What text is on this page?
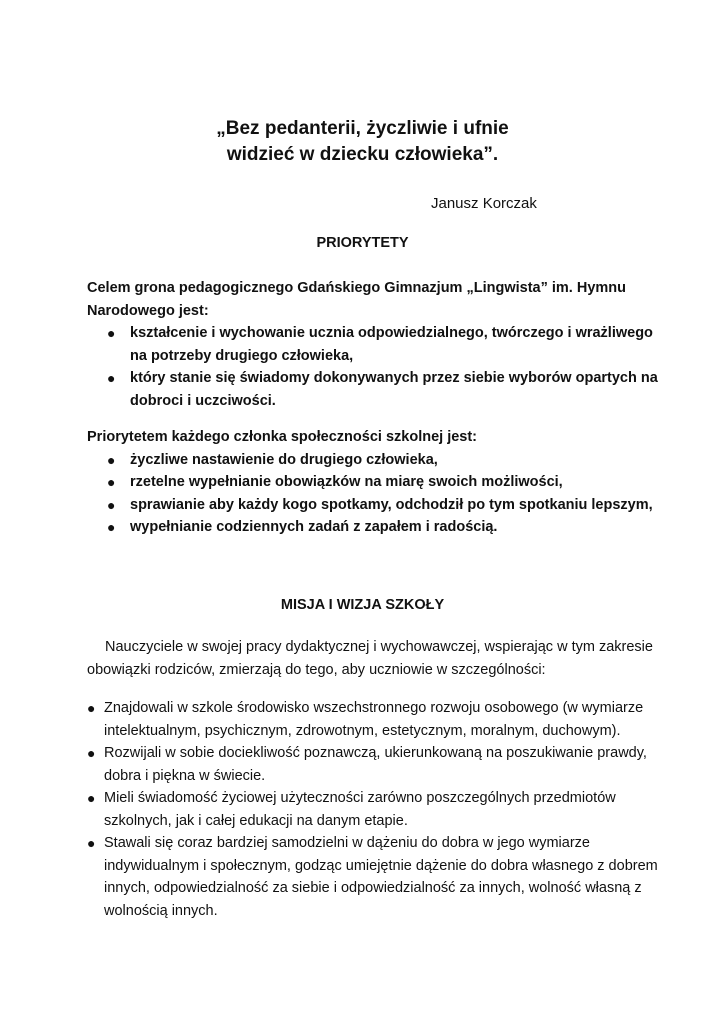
„Bez pedanterii, życzliwie i ufnie
widzieć w dziecku człowieka”.
Janusz Korczak
PRIORYTETY

Celem grona pedagogicznego Gdańskiego Gimnazjum „Lingwista” im. Hymnu Narodowego jest:

● kształcenie i wychowanie ucznia odpowiedzialnego, twórczego i wrażliwego na potrzeby drugiego człowieka,
● który stanie się świadomy dokonywanych przez siebie wyborów opartych na dobroci i uczciwości.

Priorytetem każdego członka społeczności szkolnej jest:

● życzliwe nastawienie do drugiego człowieka,
● rzetelne wypełnianie obowiązków na miarę swoich możliwości,
● sprawianie aby każdy kogo spotkamy, odchodził po tym spotkaniu lepszym,
● wypełnianie codziennych zadań z zapałem i radością.
MISJA I WIZJA SZKOŁY
Nauczyciele w swojej pracy dydaktycznej i wychowawczej, wspierając w tym zakresie obowiązki rodziców, zmierzają do tego, aby uczniowie w szczególności:
● Znajdowali w szkole środowisko wszechstronnego rozwoju osobowego (w wymiarze intelektualnym, psychicznym, zdrowotnym, estetycznym, moralnym, duchowym).
● Rozwijali w sobie dociekliwość poznawczą, ukierunkowaną na poszukiwanie prawdy, dobra i piękna w świecie.
● Mieli świadomość życiowej użyteczności zarówno poszczególnych przedmiotów szkolnych, jak i całej edukacji na danym etapie.
● Stawali się coraz bardziej samodzielni w dążeniu do dobra w jego wymiarze indywidualnym i społecznym, godząc umiejętnie dążenie do dobra własnego z dobrem innych, odpowiedzialność za siebie i odpowiedzialność za innych, wolność własną z wolnością innych.
